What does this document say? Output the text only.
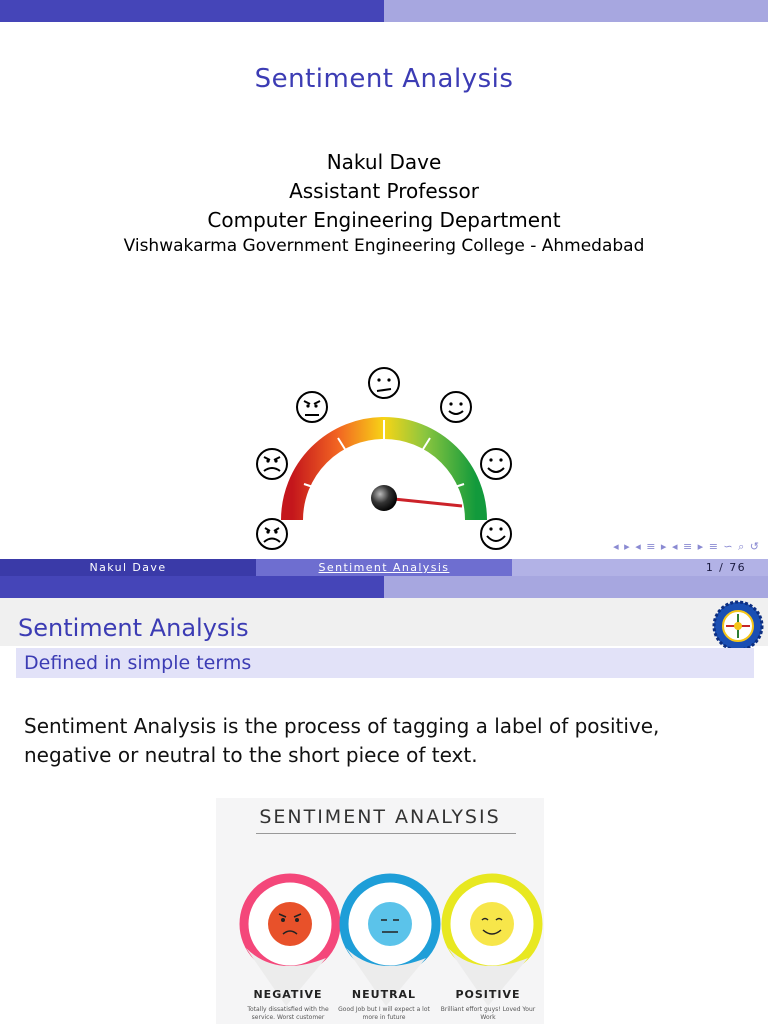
Sentiment Analysis
Nakul Dave
Assistant Professor
Computer Engineering Department
Vishwakarma Government Engineering College - Ahmedabad
◂ ▸ ◂ ≡ ▸ ◂ ≡ ▸ ≡ ∽ ⌕ ↺
Nakul Dave	Sentiment Analysis	1 / 76
Sentiment Analysis
Defined in simple terms
Sentiment Analysis is the process of tagging a label of positive, negative or neutral to the short piece of text.
SENTIMENT ANALYSIS
NEGATIVE	NEUTRAL	POSITIVE
Totally dissatisfied with the service. Worst customer
Good Job but I will expect a lot more in future
Brilliant effort guys! Loved Your Work
